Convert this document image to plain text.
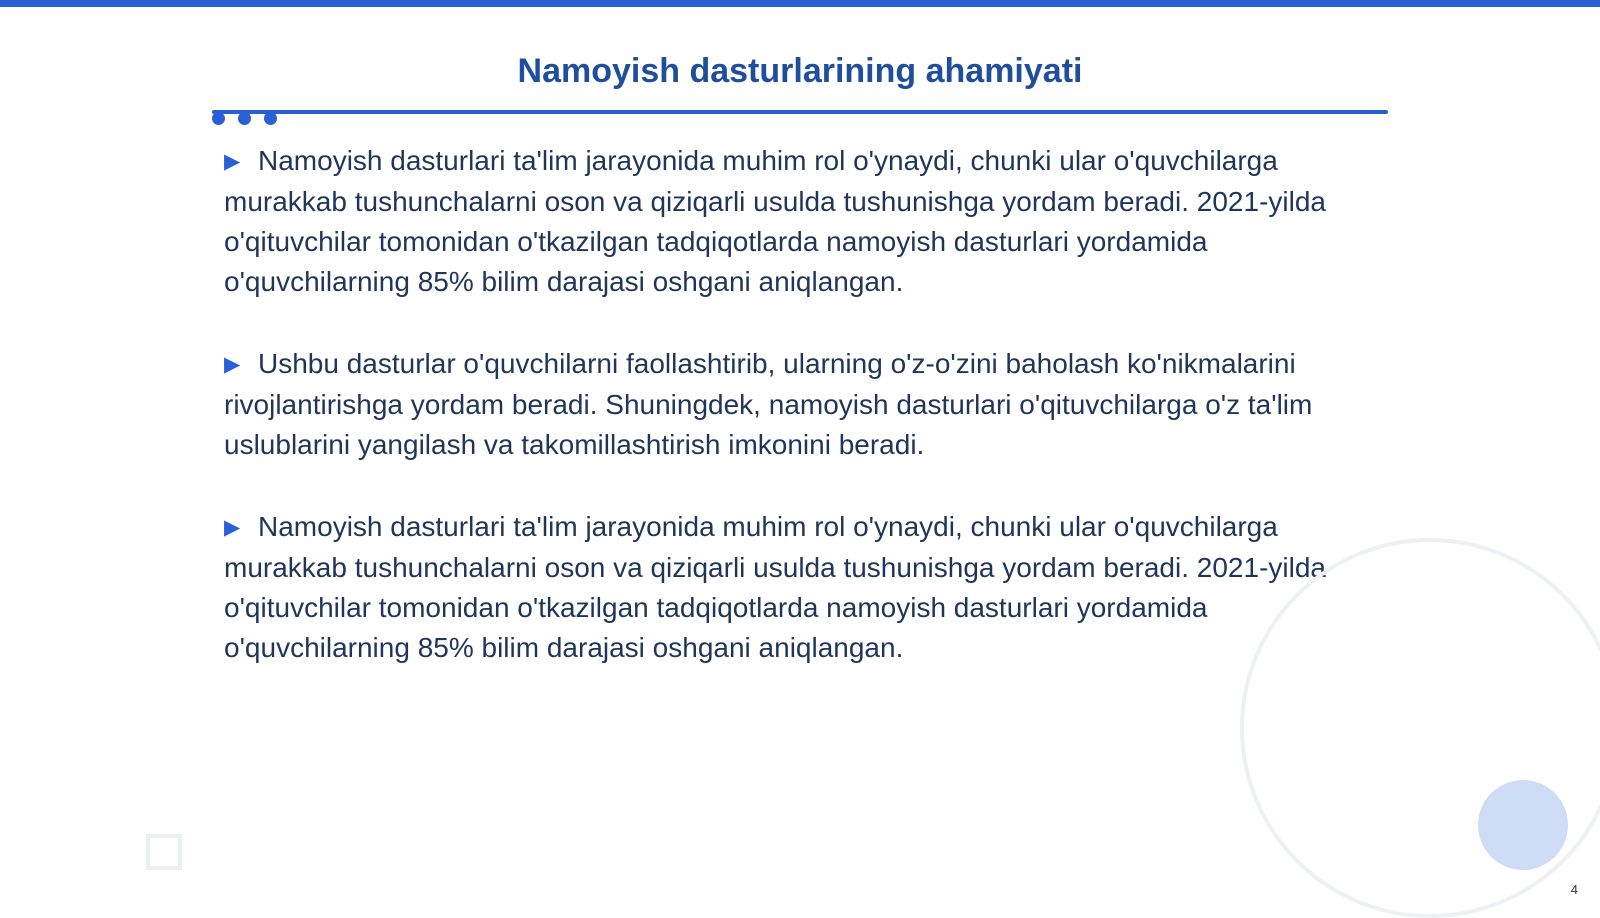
Namoyish dasturlarining ahamiyati

▶ Namoyish dasturlari ta'lim jarayonida muhim rol o'ynaydi, chunki ular o'quvchilarga murakkab tushunchalarni oson va qiziqarli usulda tushunishga yordam beradi. 2021-yilda o'qituvchilar tomonidan o'tkazilgan tadqiqotlarda namoyish dasturlari yordamida o'quvchilarning 85% bilim darajasi oshgani aniqlangan.

▶ Ushbu dasturlar o'quvchilarni faollashtirib, ularning o'z-o'zini baholash ko'nikmalarini rivojlantirishga yordam beradi. Shuningdek, namoyish dasturlari o'qituvchilarga o'z ta'lim uslublarini yangilash va takomillashtirish imkonini beradi.

▶ Namoyish dasturlari ta'lim jarayonida muhim rol o'ynaydi, chunki ular o'quvchilarga murakkab tushunchalarni oson va qiziqarli usulda tushunishga yordam beradi. 2021-yilda o'qituvchilar tomonidan o'tkazilgan tadqiqotlarda namoyish dasturlari yordamida o'quvchilarning 85% bilim darajasi oshgani aniqlangan.

4
